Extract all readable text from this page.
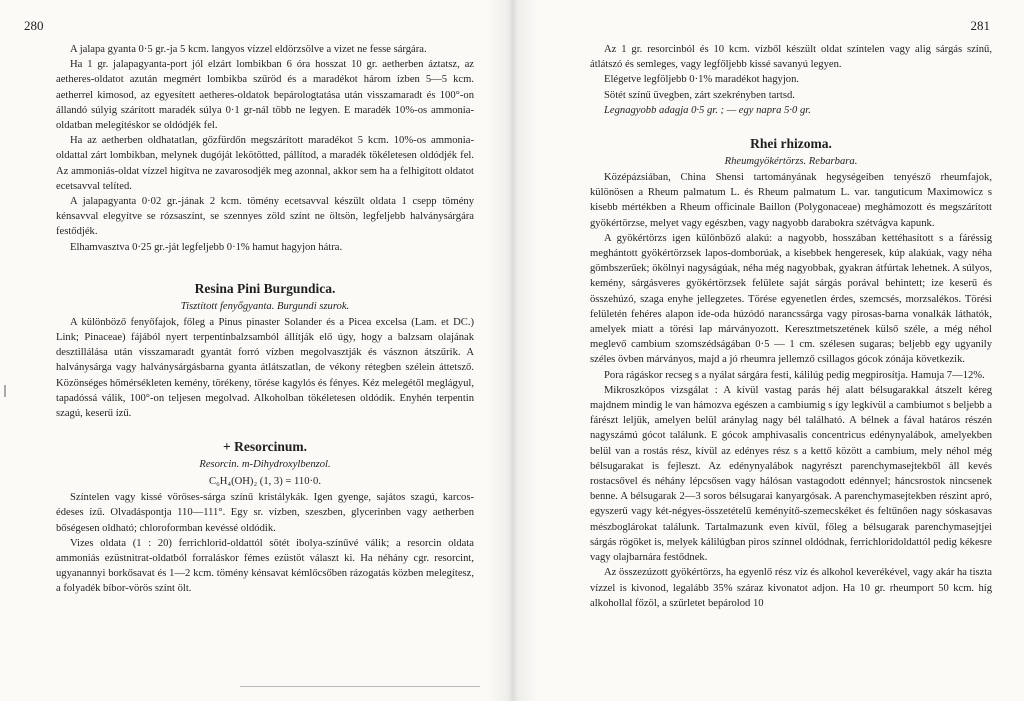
280

A jalapa gyanta 0·5 gr.-ja 5 kcm. langyos vízzel eldörzsölve a vizet ne fesse sárgára.

Ha 1 gr. jalapagyanta-port jól elzárt lombikban 6 óra hosszat 10 gr. aetherben áztatsz, az aetheres-oldatot azután megmért lombikba szűröd és a maradékot három ízben 5—5 kcm. aetherrel kimosod, az egyesített aetheres-oldatok bepárologtatása után visszamaradt és 100°-on állandó súlyig szárított maradék súlya 0·1 gr-nál több ne legyen. E maradék 10%-os ammonia-oldatban melegítéskor se oldódjék fel.

Ha az aetherben oldhatatlan, gőzfürdőn megszárított maradékot 5 kcm. 10%-os ammonia-oldattal zárt lombikban, melynek dugóját lekötötted, pállítod, a maradék tökéletesen oldódjék fel. Az ammoniás-oldat vízzel higítva ne zavarosodjék meg azonnal, akkor sem ha a felhigított oldatot ecetsavval telíted.

A jalapagyanta 0·02 gr.-jának 2 kcm. tömény ecetsavval készült oldata 1 csepp tömény kénsavval elegyítve se rózsaszínt, se szennyes zöld színt ne öltsön, legfeljebb halványsárgára festődjék.

Elhamvasztva 0·25 gr.-ját legfeljebb 0·1% hamut hagyjon hátra.

Resina Pini Burgundica.

Tisztított fenyőgyanta. Burgundi szurok.

A különböző fenyőfajok, főleg a Pinus pinaster Solander és a Picea excelsa (Lam. et DC.) Link; Pinaceae) fájából nyert terpentinbalzsamból állítják elő úgy, hogy a balzsam olajának desztillálása után visszamaradt gyantát forró vízben megolvasztják és vásznon átszűrik. A halványsárga vagy halványsárgásbarna gyanta átlátszatlan, de vékony rétegben szélein áttetsző. Közönséges hőmérsékleten kemény, törékeny, törése kagylós és fényes. Kéz melegétől meglágyul, tapadóssá válik, 100°-on teljesen megolvad. Alkoholban tökéletesen oldódik. Enyhén terpentin szagú, keserű ízű.

+ Resorcinum.

Resorcin. m-Dihydroxylbenzol.

C₆H₄(OH)₂ (1, 3) = 110·0.

Színtelen vagy kissé vöröses-sárga színű kristálykák. Igen gyenge, sajátos szagú, karcos-édeses ízű. Olvadáspontja 110—111°. Egy sr. vízben, szeszben, glycerinben vagy aetherben bőségesen oldható; chloroformban kevéssé oldódik.

Vizes oldata (1 : 20) ferrichlorid-oldattól sötét ibolya-színűvé válik; a resorcin oldata ammoniás ezüstnitrat-oldatból forraláskor fémes ezüstöt választ ki. Ha néhány cgr. resorcint, ugyanannyi borkősavat és 1—2 kcm. tömény kénsavat kémlőcsőben rázogatás közben melegítesz, a folyadék bíbor-vörös színt ölt.

281

Az 1 gr. resorcinból és 10 kcm. vízből készült oldat színtelen vagy alig sárgás színű, átlátszó és semleges, vagy legfőljebb kissé savanyú legyen.

Elégetve legföljebb 0·1% maradékot hagyjon.

Sötét színű üvegben, zárt szekrényben tartsd.

Legnagyobb adagja 0·5 gr. ; — egy napra 5·0 gr.

Rhei rhizoma.

Rheumgyökértörzs. Rebarbara.

Középázsiában, China Shensi tartományának hegységeiben tenyésző rheumfajok, különösen a Rheum palmatum L. és Rheum palmatum L. var. tanguticum Maximowicz s kisebb mértékben a Rheum officinale Baillon (Polygonaceae) meghámozott és megszárított gyökértörzse, melyet vagy egészben, vagy nagyobb darabokra szétvágva kapunk.

A gyökértörzs igen különböző alakú: a nagyobb, hosszában kettéhasított s a fáréssig meghántott gyökértörzsek lapos-domborúak, a kisebbek hengeresek, kúp alakúak, vagy néha gömbszerűek; ökölnyi nagyságúak, néha még nagyobbak, gyakran átfúrtak lehetnek. A súlyos, kemény, sárgásveres gyökértörzsek felülete saját sárgás porával behintett; ize keserű és összehúzó, szaga enyhe jellegzetes. Törése egyenetlen érdes, szemcsés, morzsalékos. Törési felületén fehéres alapon ide-oda húzódó narancssárga vagy pirosas-barna vonalkák láthatók, amelyek miatt a törési lap márványozott. Keresztmetszetének külső széle, a még néhol meglevő cambium szomszédságában 0·5 — 1 cm. szélesen sugaras; beljebb egy ugyanily széles övben márványos, majd a jó rheumra jellemző csillagos gócok zónája következik.

Pora rágáskor recseg s a nyálat sárgára festi, kálilúg pedig megpirosítja. Hamuja 7—12%.

Mikroszkópos vizsgálat : A kívül vastag parás héj alatt bélsugarakkal átszelt kéreg majdnem mindig le van hámozva egészen a cambiumig s így legkívül a cambiumot s beljebb a fárészt leljük, amelyen belül aránylag nagy bél található. A bélnek a fával határos részén nagyszámú gócot találunk. E gócok amphivasalis concentricus edénynyalábok, amelyekben belül van a rostás rész, kívül az edényes rész s a kettő között a cambium, mely néhol még bélsugarakat is fejleszt. Az edénynyalábok nagyrészt parenchymasejtekből áll kevés rostacsővel és néhány lépcsősen vagy hálósan vastagodott edénnyel; háncsrostok nincsenek benne. A bélsugarak 2—3 soros bélsugarai kanyargósak. A parenchymasejtekben részint apró, egyszerű vagy két-négyes-összetételű keményítő-szemecskéket és feltűnően nagy sóskasavas mészboglárokat találunk. Tartalmazunk even kívül, főleg a bélsugarak parenchymasejtjei sárgás rögöket is, melyek kálilúgban piros színnel oldódnak, ferrichloridoldattól pedig kékesre vagy olajbarnára festődnek.

Az összezúzott gyökértörzs, ha egyenlő rész víz és alkohol keverékével, vagy akár ha tiszta vízzel is kivonod, legalább 35% száraz kivonatot adjon. Ha 10 gr. rheumport 50 kcm. híg alkohollal főzöl, a szűrletet bepárolod 10
